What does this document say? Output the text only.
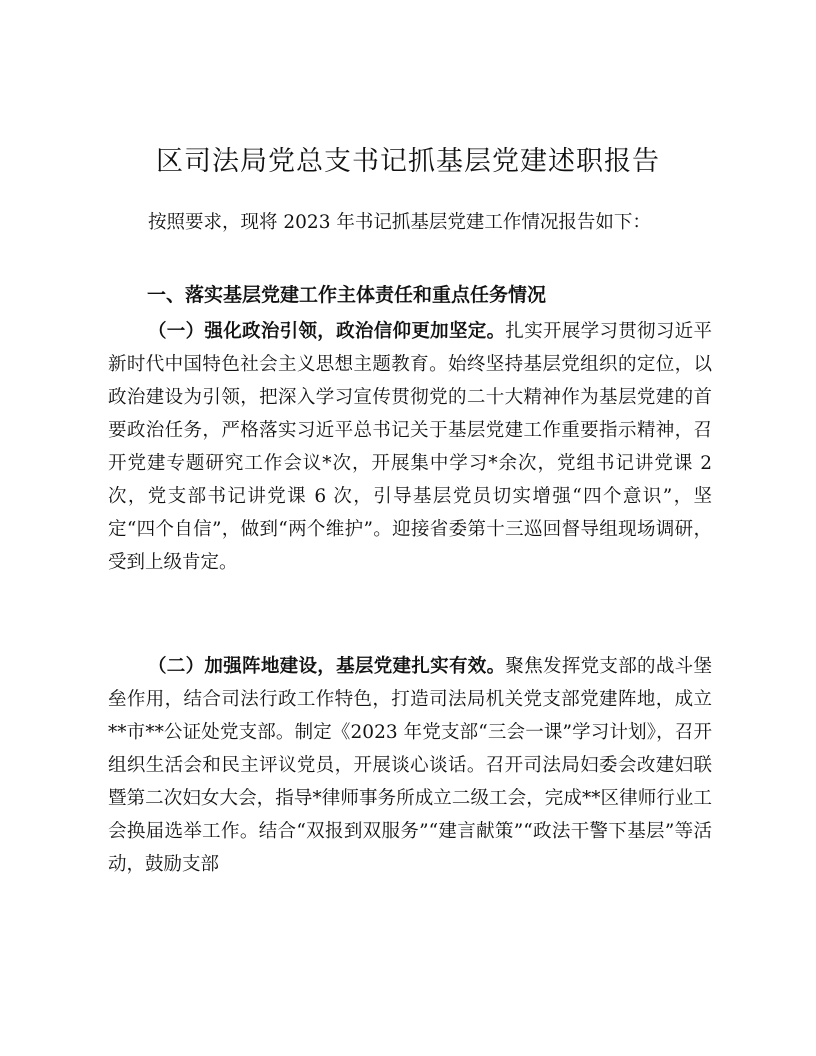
区司法局党总支书记抓基层党建述职报告
按照要求，现将 2023 年书记抓基层党建工作情况报告如下：
一、落实基层党建工作主体责任和重点任务情况
（一）强化政治引领，政治信仰更加坚定。扎实开展学习贯彻习近平新时代中国特色社会主义思想主题教育。始终坚持基层党组织的定位，以政治建设为引领，把深入学习宣传贯彻党的二十大精神作为基层党建的首要政治任务，严格落实习近平总书记关于基层党建工作重要指示精神，召开党建专题研究工作会议*次，开展集中学习*余次，党组书记讲党课 2 次，党支部书记讲党课 6 次，引导基层党员切实增强“四个意识”，坚定“四个自信”，做到“两个维护”。迎接省委第十三巡回督导组现场调研，受到上级肯定。
（二）加强阵地建设，基层党建扎实有效。聚焦发挥党支部的战斗堡垒作用，结合司法行政工作特色，打造司法局机关党支部党建阵地，成立**市**公证处党支部。制定《2023 年党支部“三会一课”学习计划》，召开组织生活会和民主评议党员，开展谈心谈话。召开司法局妇委会改建妇联暨第二次妇女大会，指导*律师事务所成立二级工会，完成**区律师行业工会换届选举工作。结合“双报到双服务”“建言献策”“政法干警下基层”等活动，鼓励支部
